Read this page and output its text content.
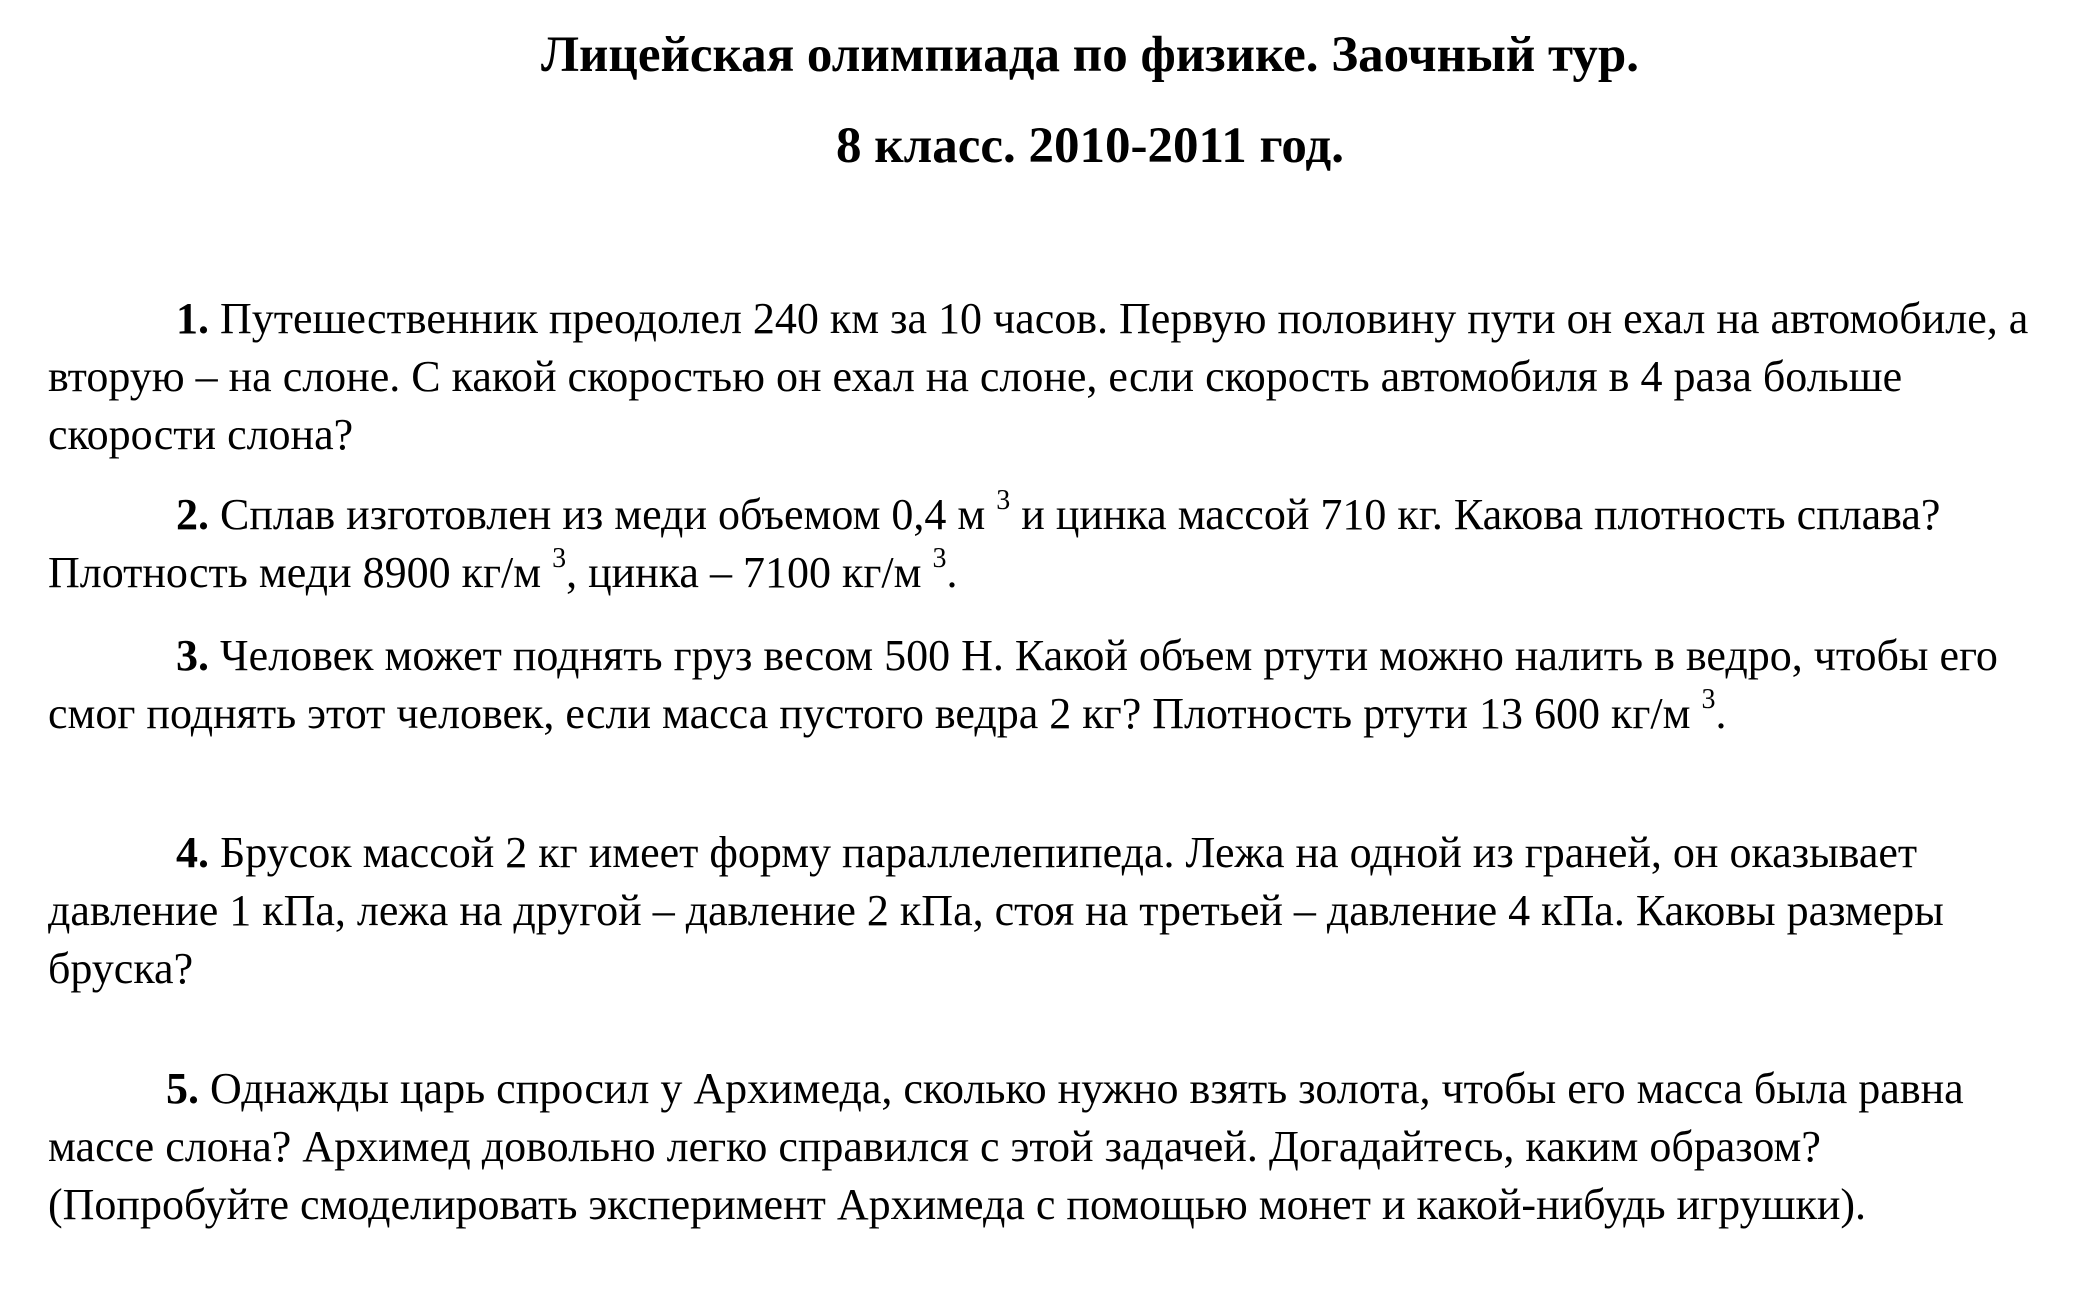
Лицейская олимпиада по физике. Заочный тур.
8 класс. 2010-2011 год.
1. Путешественник преодолел 240 км за 10 часов. Первую половину пути он ехал на автомобиле, а вторую – на слоне. С какой скоростью он ехал на слоне, если скорость автомобиля в 4 раза больше скорости слона?
2. Сплав изготовлен из меди объемом 0,4 м $^3$ и цинка массой 710 кг. Какова плотность сплава? Плотность меди 8900 кг/м $^3$, цинка – 7100 кг/м $^3$.
3. Человек может поднять груз весом 500 Н. Какой объем ртути можно налить в ведро, чтобы его смог поднять этот человек, если масса пустого ведра 2 кг? Плотность ртути 13 600 кг/м $^3$.
4. Брусок массой 2 кг имеет форму параллелепипеда. Лежа на одной из граней, он оказывает давление 1 кПа, лежа на другой – давление 2 кПа, стоя на третьей – давление 4 кПа. Каковы размеры бруска?
5. Однажды царь спросил у Архимеда, сколько нужно взять золота, чтобы его масса была равна массе слона? Архимед довольно легко справился с этой задачей. Догадайтесь, каким образом? (Попробуйте смоделировать эксперимент Архимеда с помощью монет и какой-нибудь игрушки).
